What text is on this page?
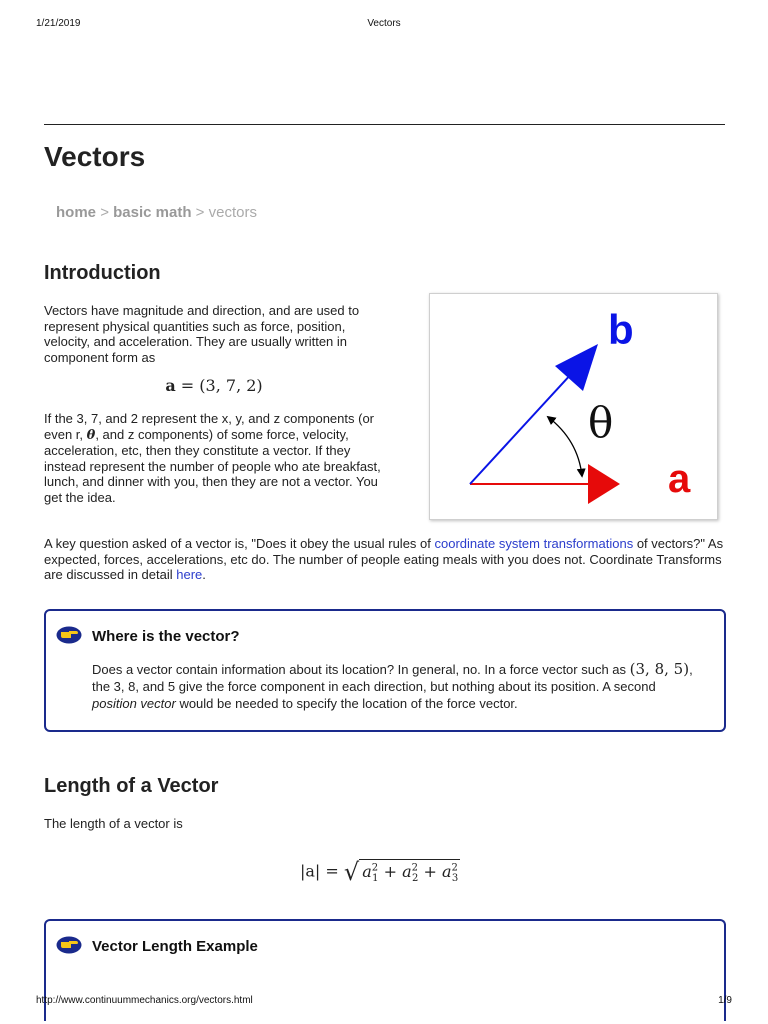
1/21/2019	Vectors
Vectors
home > basic math > vectors
Introduction

Vectors have magnitude and direction, and are used to represent physical quantities such as force, position, velocity, and acceleration. They are usually written in component form as

a = (3, 7, 2)

If the 3, 7, and 2 represent the x, y, and z components (or even r, θ, and z components) of some force, velocity, acceleration, etc, then they constitute a vector. If they instead represent the number of people who ate breakfast, lunch, and dinner with you, then they are not a vector. You get the idea.

b
a
θ

A key question asked of a vector is, "Does it obey the usual rules of coordinate system transformations of vectors?" As expected, forces, accelerations, etc do. The number of people eating meals with you does not. Coordinate Transforms are discussed in detail here.

Where is the vector?

Does a vector contain information about its location? In general, no. In a force vector such as (3, 8, 5), the 3, 8, and 5 give the force component in each direction, but nothing about its position. A second position vector would be needed to specify the location of the force vector.

Length of a Vector

The length of a vector is

|a| = √ $a^2_1 + a^2_2 + a^2_3$
Vector Length Example
http://www.continuummechanics.org/vectors.html	1/9
